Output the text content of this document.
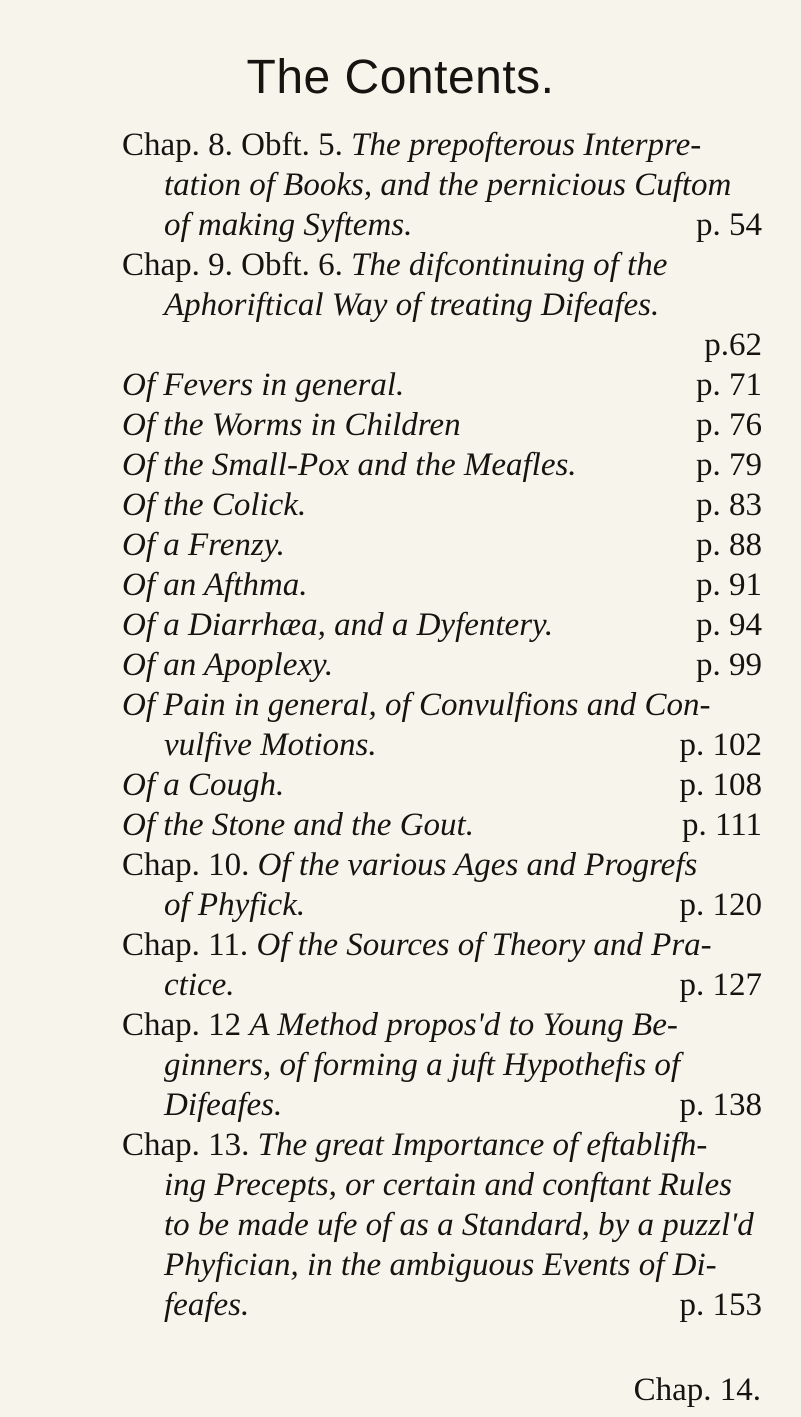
The Contents.
Chap. 8. Obft. 5. The prepofterous Interpre-
tation of Books, and the pernicious Cuftom
of making Syftems.	p. 54
Chap. 9. Obft. 6. The difcontinuing of the
Aphoriftical Way of treating Difeafes.
p.62
Of Fevers in general.	p. 71
Of the Worms in Children	p. 76
Of the Small-Pox and the Meafles.	p. 79
Of the Colick.	p. 83
Of a Frenzy.	p. 88
Of an Afthma.	p. 91
Of a Diarrhæa, and a Dyfentery.	p. 94
Of an Apoplexy.	p. 99
Of Pain in general, of Convulfions and Con-
vulfive Motions.	p. 102
Of a Cough.	p. 108
Of the Stone and the Gout.	p. 111
Chap. 10. Of the various Ages and Progrefs
of Phyfick.	p. 120
Chap. 11. Of the Sources of Theory and Pra-
ctice.	p. 127
Chap. 12 A Method propos'd to Young Be-
ginners, of forming a juft Hypothefis of
Difeafes.	p. 138
Chap. 13. The great Importance of eftablifh-
ing Precepts, or certain and conftant Rules
to be made ufe of as a Standard, by a puzzl'd
Phyfician, in the ambiguous Events of Di-
feafes.	p. 153
Chap. 14.
